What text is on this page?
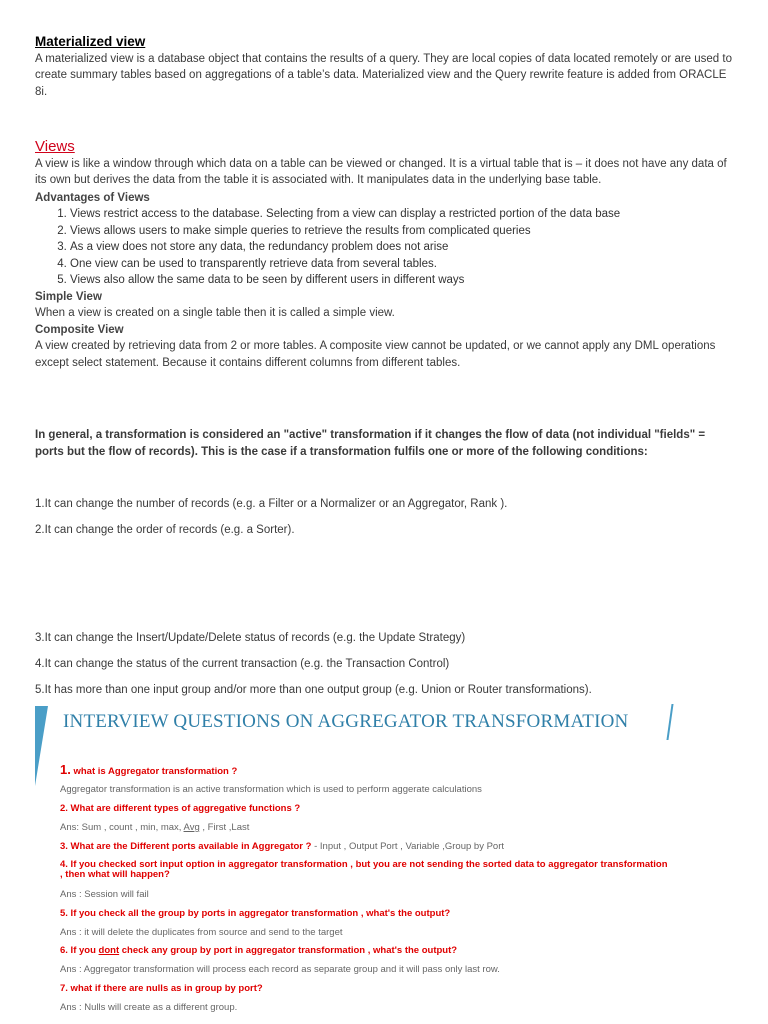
Materialized view
A materialized view is a database object that contains the results of a query. They are local copies of data located remotely or are used to create summary tables based on aggregations of a table’s data. Materialized view and the Query rewrite feature is added from ORACLE 8i.
Views
A view is like a window through which data on a table can be viewed or changed. It is a virtual table that is – it does not have any data of its own but derives the data from the table it is associated with. It manipulates data in the underlying base table.
Advantages of Views
1. Views restrict access to the database. Selecting from a view can display a restricted portion of the data base
2. Views allows users to make simple queries to retrieve the results from complicated queries
3. As a view does not store any data, the redundancy problem does not arise
4. One view can be used to transparently retrieve data from several tables.
5. Views also allow the same data to be seen by different users in different ways
Simple View
When a view is created on a single table then it is called a simple view.
Composite View
A view created by retrieving data from 2 or more tables. A composite view cannot be updated, or we cannot apply any DML operations except select statement. Because it contains different columns from different tables.
In general, a transformation is considered an "active" transformation if it changes the flow of data (not individual "fields" = ports but the flow of records). This is the case if a transformation fulfils one or more of the following conditions:
1.It can change the number of records (e.g. a Filter or a Normalizer or an Aggregator, Rank ).
2.It can change the order of records (e.g. a Sorter).
3.It can change the Insert/Update/Delete status of records (e.g. the Update Strategy)
4.It can change the status of the current transaction (e.g. the Transaction Control)
5.It has more than one input group and/or more than one output group (e.g. Union or Router transformations).
INTERVIEW QUESTIONS ON AGGREGATOR TRANSFORMATION
1. what is Aggregator transformation ?
Aggregator transformation is an active transformation which is used to perform aggerate calculations
2. What are different types of aggregative functions ?
Ans: Sum , count , min, max, Avg , First ,Last
3. What are the Different ports available in Aggregator ? - Input , Output Port , Variable ,Group by Port
4. If you checked sort input option in aggregator transformation , but you are not sending the sorted data to aggregator transformation , then what will happen?
Ans : Session will fail
5. If you check all the group by ports in aggregator transformation , what's the output?
Ans : it will delete the duplicates from source and send to the target
6. If you dont check any group by port in aggregator transformation , what's the output?
Ans : Aggregator transformation will process each record as separate group and it will pass only last row.
7. what if there are nulls as in group by port?
Ans : Nulls will create as a different group.
